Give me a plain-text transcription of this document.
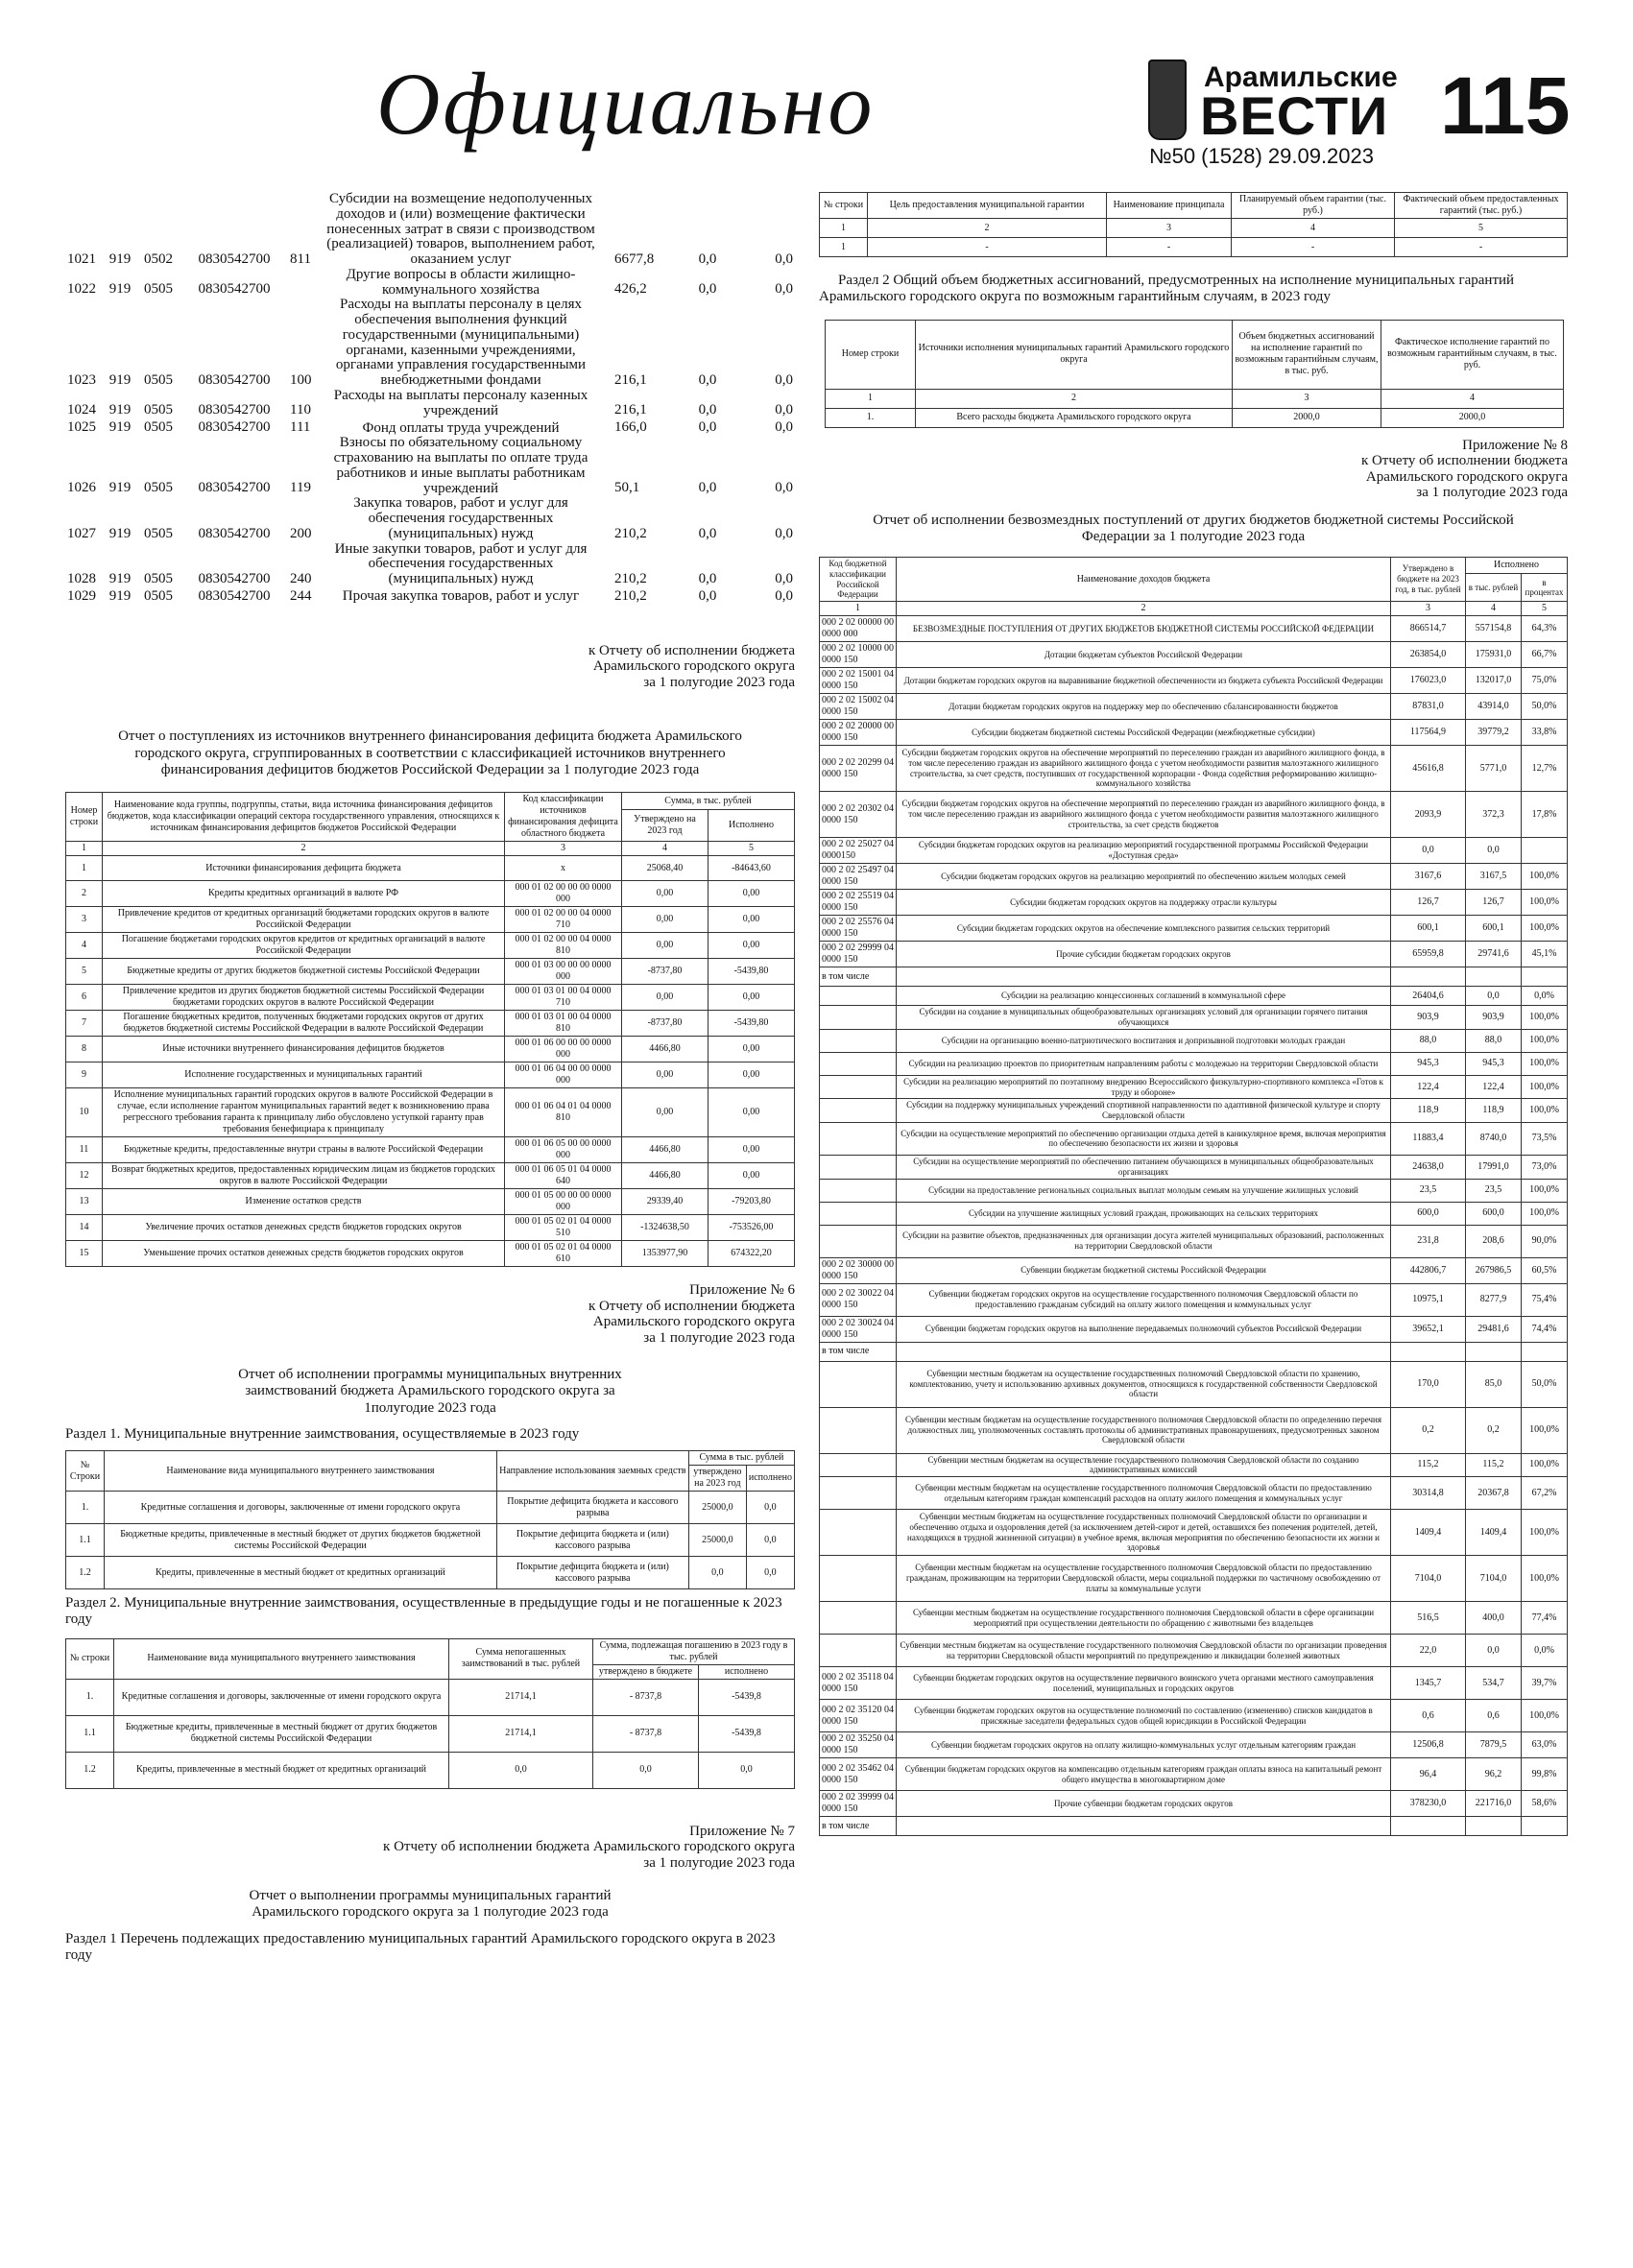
Официально	Арамильские
ВЕСТИ
№50 (1528) 29.09.2023
115
1021	919	0502	0830542700	811	Субсидии на возмещение недополученных доходов и (или) возмещение фактически понесенных затрат в связи с производством (реализацией) товаров, выполнением работ, оказанием услуг	6677,8	0,0	0,0
1022	919	0505	0830542700		Другие вопросы в области жилищно-коммунального хозяйства	426,2	0,0	0,0
1023	919	0505	0830542700	100	Расходы на выплаты персоналу в целях обеспечения выполнения функций государственными (муниципальными) органами, казенными учреждениями, органами управления государственными внебюджетными фондами	216,1	0,0	0,0
1024	919	0505	0830542700	110	Расходы на выплаты персоналу казенных учреждений	216,1	0,0	0,0
1025	919	0505	0830542700	111	Фонд оплаты труда учреждений	166,0	0,0	0,0
1026	919	0505	0830542700	119	Взносы по обязательному социальному страхованию на выплаты по оплате труда работников и иные выплаты работникам учреждений	50,1	0,0	0,0
1027	919	0505	0830542700	200	Закупка товаров, работ и услуг для обеспечения государственных (муниципальных) нужд	210,2	0,0	0,0
1028	919	0505	0830542700	240	Иные закупки товаров, работ и услуг для обеспечения государственных (муниципальных) нужд	210,2	0,0	0,0
1029	919	0505	0830542700	244	Прочая закупка товаров, работ и услуг	210,2	0,0	0,0
к Отчету об исполнении бюджета
Арамильского городского округа
за 1 полугодие 2023 года
Отчет о поступлениях из источников внутреннего финансирования дефицита бюджета Арамильского городского округа, сгруппированных в соответствии с классификацией источников внутреннего финансирования дефицитов бюджетов Российской Федерации за 1 полугодие 2023 года
Номер строки	Наименование кода группы, подгруппы, статьи, вида источника финансирования дефицитов бюджетов, кода классификации операций сектора государственного управления, относящихся к источникам финансирования дефицитов бюджетов Российской Федерации	Код классификации источников финансирования дефицита областного бюджета	Сумма, в тыс. рублей	
			Утверждено на 2023 год	Исполнено
1	2	3	4	5
1	Источники финансирования дефицита бюджета	x	25068,40	-84643,60
2	Кредиты кредитных организаций в валюте РФ	000 01 02 00 00 00 0000 000	0,00	0,00
3	Привлечение кредитов от кредитных организаций бюджетами городских округов в валюте Российской Федерации	000 01 02 00 00 04 0000 710	0,00	0,00
4	Погашение бюджетами городских округов кредитов от кредитных организаций в валюте Российской Федерации	000 01 02 00 00 04 0000 810	0,00	0,00
5	Бюджетные кредиты от других бюджетов бюджетной системы Российской Федерации	000 01 03 00 00 00 0000 000	-8737,80	-5439,80
6	Привлечение кредитов из других бюджетов бюджетной системы Российской Федерации бюджетами городских округов в валюте Российской Федерации	000 01 03 01 00 04 0000 710	0,00	0,00
7	Погашение бюджетных кредитов, полученных бюджетами городских округов от других бюджетов бюджетной системы Российской Федерации в валюте Российской Федерации	000 01 03 01 00 04 0000 810	-8737,80	-5439,80
8	Иные источники внутреннего финансирования дефицитов бюджетов	000 01 06 00 00 00 0000 000	4466,80	0,00
9	Исполнение государственных и муниципальных гарантий	000 01 06 04 00 00 0000 000	0,00	0,00
10	Исполнение муниципальных гарантий городских округов в валюте Российской Федерации в случае, если исполнение гарантом муниципальных гарантий ведет к возникновению права регрессного требования гаранта к принципалу либо обусловлено уступкой гаранту прав требования бенефициара к принципалу	000 01 06 04 01 04 0000 810	0,00	0,00
11	Бюджетные кредиты, предоставленные внутри страны в валюте Российской Федерации	000 01 06 05 00 00 0000 000	4466,80	0,00
12	Возврат бюджетных кредитов, предоставленных юридическим лицам из бюджетов городских округов в валюте Российской Федерации	000 01 06 05 01 04 0000 640	4466,80	0,00
13	Изменение остатков средств	000 01 05 00 00 00 0000 000	29339,40	-79203,80
14	Увеличение прочих остатков денежных средств бюджетов городских округов	000 01 05 02 01 04 0000 510	-1324638,50	-753526,00
15	Уменьшение прочих остатков денежных средств бюджетов городских округов	000 01 05 02 01 04 0000 610	1353977,90	674322,20
Приложение № 6
к Отчету об исполнении бюджета
Арамильского городского округа
за 1 полугодие 2023 года
Отчет об исполнении программы муниципальных внутренних заимствований бюджета Арамильского городского округа за 1полугодие 2023 года
Раздел 1. Муниципальные внутренние заимствования, осуществляемые в 2023 году
№ Строки	Наименование вида муниципального внутреннего заимствования	Направление использования заемных средств	Сумма в тыс. рублей	
			утверждено на 2023 год	исполнено
1.	Кредитные соглашения и договоры, заключенные от имени городского округа	Покрытие дефицита бюджета и кассового разрыва	25000,0	0,0
1.1	Бюджетные кредиты, привлеченные в местный бюджет от других бюджетов бюджетной системы Российской Федерации	Покрытие дефицита бюджета и (или) кассового разрыва	25000,0	0,0
1.2	Кредиты, привлеченные в местный бюджет от кредитных организаций	Покрытие дефицита бюджета и (или) кассового разрыва	0,0	0,0
Раздел 2. Муниципальные внутренние заимствования, осуществленные в предыдущие годы и не погашенные к 2023 году
№ строки	Наименование вида муниципального внутреннего заимствования	Сумма непогашенных заимствований в тыс. рублей	Сумма, подлежащая погашению в 2023 году в тыс. рублей	
			утверждено в бюджете	исполнено
1.	Кредитные соглашения и договоры, заключенные от имени городского округа	21714,1	- 8737,8	-5439,8
1.1	Бюджетные кредиты, привлеченные в местный бюджет от других бюджетов бюджетной системы Российской Федерации	21714,1	- 8737,8	-5439,8
1.2	Кредиты, привлеченные в местный бюджет от кредитных организаций	0,0	0,0	0,0
Приложение № 7
к Отчету об исполнении бюджета Арамильского городского округа
за 1 полугодие 2023 года
Отчет о выполнении программы муниципальных гарантий Арамильского городского округа за 1 полугодие 2023 года
Раздел 1 Перечень подлежащих предоставлению муниципальных гарантий Арамильского городского округа в 2023 году
№ строки	Цель предоставления муниципальной гарантии	Наименование принципала	Планируемый объем гарантии (тыс. руб.)	Фактический объем предоставленных гарантий (тыс. руб.)
1	2	3	4	5
1	-	-	-	-
Раздел 2 Общий объем бюджетных ассигнований, предусмотренных на исполнение муниципальных гарантий Арамильского городского округа по возможным гарантийным случаям, в 2023 году
Номер строки	Источники исполнения муниципальных гарантий Арамильского городского округа	Объем бюджетных ассигнований на исполнение гарантий по возможным гарантийным случаям, в тыс. руб.	Фактическое исполнение гарантий по возможным гарантийным случаям, в тыс. руб.
1	2	3	4
1.	Всего расходы бюджета Арамильского городского округа	2000,0	2000,0
Приложение № 8
к Отчету об исполнении бюджета
Арамильского городского округа
за 1 полугодие 2023 года
Отчет об исполнении безвозмездных поступлений от других бюджетов бюджетной системы Российской Федерации за 1 полугодие 2023 года
Код бюджетной классификации Российской Федерации	Наименование доходов бюджета	Утверждено в бюджете на 2023 год, в тыс. рублей	Исполнено	
			в тыс. рублей	в процентах
1	2	3	4	5
000 2 02 00000 00 0000 000	БЕЗВОЗМЕЗДНЫЕ ПОСТУПЛЕНИЯ ОТ ДРУГИХ БЮДЖЕТОВ БЮДЖЕТНОЙ СИСТЕМЫ РОССИЙСКОЙ ФЕДЕРАЦИИ	866514,7	557154,8	64,3%
000 2 02 10000 00 0000 150	Дотации бюджетам субъектов Российской Федерации	263854,0	175931,0	66,7%
000 2 02 15001 04 0000 150	Дотации бюджетам городских округов на выравнивание бюджетной обеспеченности из бюджета субъекта Российской Федерации	176023,0	132017,0	75,0%
000 2 02 15002 04 0000 150	Дотации бюджетам городских округов на поддержку мер по обеспечению сбалансированности бюджетов	87831,0	43914,0	50,0%
000 2 02 20000 00 0000 150	Субсидии бюджетам бюджетной системы Российской Федерации (межбюджетные субсидии)	117564,9	39779,2	33,8%
000 2 02 20299 04 0000 150	Субсидии бюджетам городских округов на обеспечение мероприятий по переселению граждан из аварийного жилищного фонда, в том числе переселению граждан из аварийного жилищного фонда с учетом необходимости развития малоэтажного жилищного строительства, за счет средств, поступивших от государственной корпорации - Фонда содействия реформированию жилищно-коммунального хозяйства	45616,8	5771,0	12,7%
000 2 02 20302 04 0000 150	Субсидии бюджетам городских округов на обеспечение мероприятий по переселению граждан из аварийного жилищного фонда, в том числе переселению граждан из аварийного жилищного фонда с учетом необходимости развития малоэтажного жилищного строительства, за счет средств бюджетов	2093,9	372,3	17,8%
000 2 02 25027 04 0000150	Субсидии бюджетам городских округов на реализацию мероприятий государственной программы Российской Федерации «Доступная среда»	0,0	0,0	
000 2 02 25497 04 0000 150	Субсидии бюджетам городских округов на реализацию мероприятий по обеспечению жильем молодых семей	3167,6	3167,5	100,0%
000 2 02 25519 04 0000 150	Субсидии бюджетам городских округов на поддержку отрасли культуры	126,7	126,7	100,0%
000 2 02 25576 04 0000 150	Субсидии бюджетам городских округов на обеспечение комплексного развития сельских территорий	600,1	600,1	100,0%
000 2 02 29999 04 0000 150	Прочие субсидии бюджетам городских округов	65959,8	29741,6	45,1%
в том числе				
	Субсидии на реализацию концессионных соглашений в коммунальной сфере	26404,6	0,0	0,0%
	Субсидии на создание в муниципальных общеобразовательных организациях условий для организации горячего питания обучающихся	903,9	903,9	100,0%
	Субсидии на организацию военно-патриотического воспитания и допризывной подготовки молодых граждан	88,0	88,0	100,0%
	Субсидии на реализацию проектов по приоритетным направлениям работы с молодежью на территории Свердловской области	945,3	945,3	100,0%
	Субсидии на реализацию мероприятий по поэтапному внедрению Всероссийского физкультурно-спортивного комплекса «Готов к труду и обороне»	122,4	122,4	100,0%
	Субсидии на поддержку муниципальных учреждений спортивной направленности по адаптивной физической культуре и спорту Свердловской области	118,9	118,9	100,0%
	Субсидии на осуществление мероприятий по обеспечению организации отдыха детей в каникулярное время, включая мероприятия по обеспечению безопасности их жизни и здоровья	11883,4	8740,0	73,5%
	Субсидии на осуществление мероприятий по обеспечению питанием обучающихся в муниципальных общеобразовательных организациях	24638,0	17991,0	73,0%
	Субсидии на предоставление региональных социальных выплат молодым семьям на улучшение жилищных условий	23,5	23,5	100,0%
	Субсидии на улучшение жилищных условий граждан, проживающих на сельских территориях	600,0	600,0	100,0%
	Субсидии на развитие объектов, предназначенных для организации досуга жителей муниципальных образований, расположенных на территории Свердловской области	231,8	208,6	90,0%
000 2 02 30000 00 0000 150	Субвенции бюджетам бюджетной системы Российской Федерации	442806,7	267986,5	60,5%
000 2 02 30022 04 0000 150	Субвенции бюджетам городских округов на осуществление государственного полномочия Свердловской области по предоставлению гражданам субсидий на оплату жилого помещения и коммунальных услуг	10975,1	8277,9	75,4%
000 2 02 30024 04 0000 150	Субвенции бюджетам городских округов на выполнение передаваемых полномочий субъектов Российской Федерации	39652,1	29481,6	74,4%
в том числе				
	Субвенции местным бюджетам на осуществление государственных полномочий Свердловской области по хранению, комплектованию, учету и использованию архивных документов, относящихся к государственной собственности Свердловской области	170,0	85,0	50,0%
	Субвенции местным бюджетам на осуществление государственного полномочия Свердловской области по определению перечня должностных лиц, уполномоченных составлять протоколы об административных правонарушениях, предусмотренных законом Свердловской области	0,2	0,2	100,0%
	Субвенции местным бюджетам на осуществление государственного полномочия Свердловской области по созданию административных комиссий	115,2	115,2	100,0%
	Субвенции местным бюджетам на осуществление государственного полномочия Свердловской области по предоставлению отдельным категориям граждан компенсаций расходов на оплату жилого помещения и коммунальных услуг	30314,8	20367,8	67,2%
	Субвенции местным бюджетам на осуществление государственных полномочий Свердловской области по организации и обеспечению отдыха и оздоровления детей (за исключением детей-сирот и детей, оставшихся без попечения родителей, детей, находящихся в трудной жизненной ситуации) в учебное время, включая мероприятия по обеспечению безопасности их жизни и здоровья	1409,4	1409,4	100,0%
	Субвенции местным бюджетам на осуществление государственного полномочия Свердловской области по предоставлению гражданам, проживающим на территории Свердловской области, меры социальной поддержки по частичному освобождению от платы за коммунальные услуги	7104,0	7104,0	100,0%
	Субвенции местным бюджетам на осуществление государственного полномочия Свердловской области в сфере организации мероприятий при осуществлении деятельности по обращению с животными без владельцев	516,5	400,0	77,4%
	Субвенции местным бюджетам на осуществление государственного полномочия Свердловской области по организации проведения на территории Свердловской области мероприятий по предупреждению и ликвидации болезней животных	22,0	0,0	0,0%
000 2 02 35118 04 0000 150	Субвенции бюджетам городских округов на осуществление первичного воинского учета органами местного самоуправления поселений, муниципальных и городских округов	1345,7	534,7	39,7%
000 2 02 35120 04 0000 150	Субвенции бюджетам городских округов на осуществление полномочий по составлению (изменению) списков кандидатов в присяжные заседатели федеральных судов общей юрисдикции в Российской Федерации	0,6	0,6	100,0%
000 2 02 35250 04 0000 150	Субвенции бюджетам городских округов на оплату жилищно-коммунальных услуг отдельным категориям граждан	12506,8	7879,5	63,0%
000 2 02 35462 04 0000 150	Субвенции бюджетам городских округов на компенсацию отдельным категориям граждан оплаты взноса на капитальный ремонт общего имущества в многоквартирном доме	96,4	96,2	99,8%
000 2 02 39999 04 0000 150	Прочие субвенции бюджетам городских округов	378230,0	221716,0	58,6%
в том числе				
